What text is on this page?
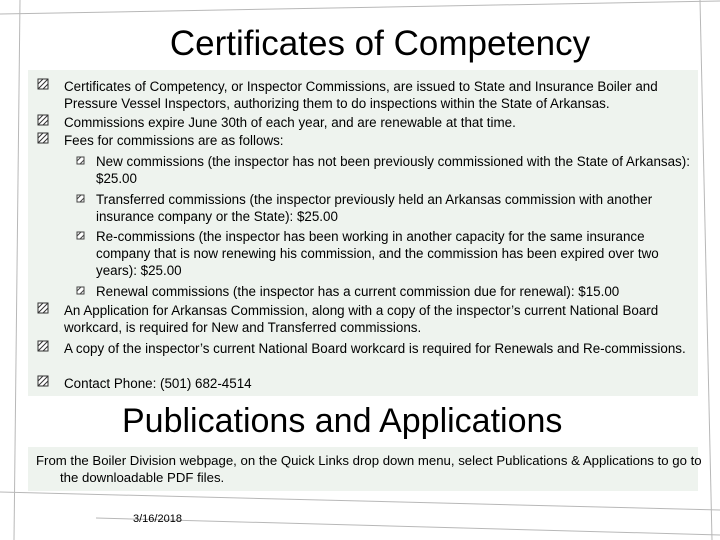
Certificates of Competency

Certificates of Competency, or Inspector Commissions, are issued to State and Insurance Boiler and Pressure Vessel Inspectors, authorizing them to do inspections within the State of Arkansas.

Commissions expire June 30th of each year, and are renewable at that time.

Fees for commissions are as follows:

New commissions (the inspector has not been previously commissioned with the State of Arkansas): $25.00

Transferred commissions (the inspector previously held an Arkansas commission with another insurance company or the State): $25.00

Re-commissions (the inspector has been working in another capacity for the same insurance company that is now renewing his commission, and the commission has been expired over two years): $25.00

Renewal commissions (the inspector has a current commission due for renewal): $15.00

An Application for Arkansas Commission, along with a copy of the inspector’s current National Board workcard, is required for New and Transferred commissions.

A copy of the inspector’s current National Board workcard is required for Renewals and Re-commissions.

Contact Phone: (501) 682-4514

Publications and Applications

From the Boiler Division webpage, on the Quick Links drop down menu, select Publications & Applications to go to the downloadable PDF files.

3/16/2018
